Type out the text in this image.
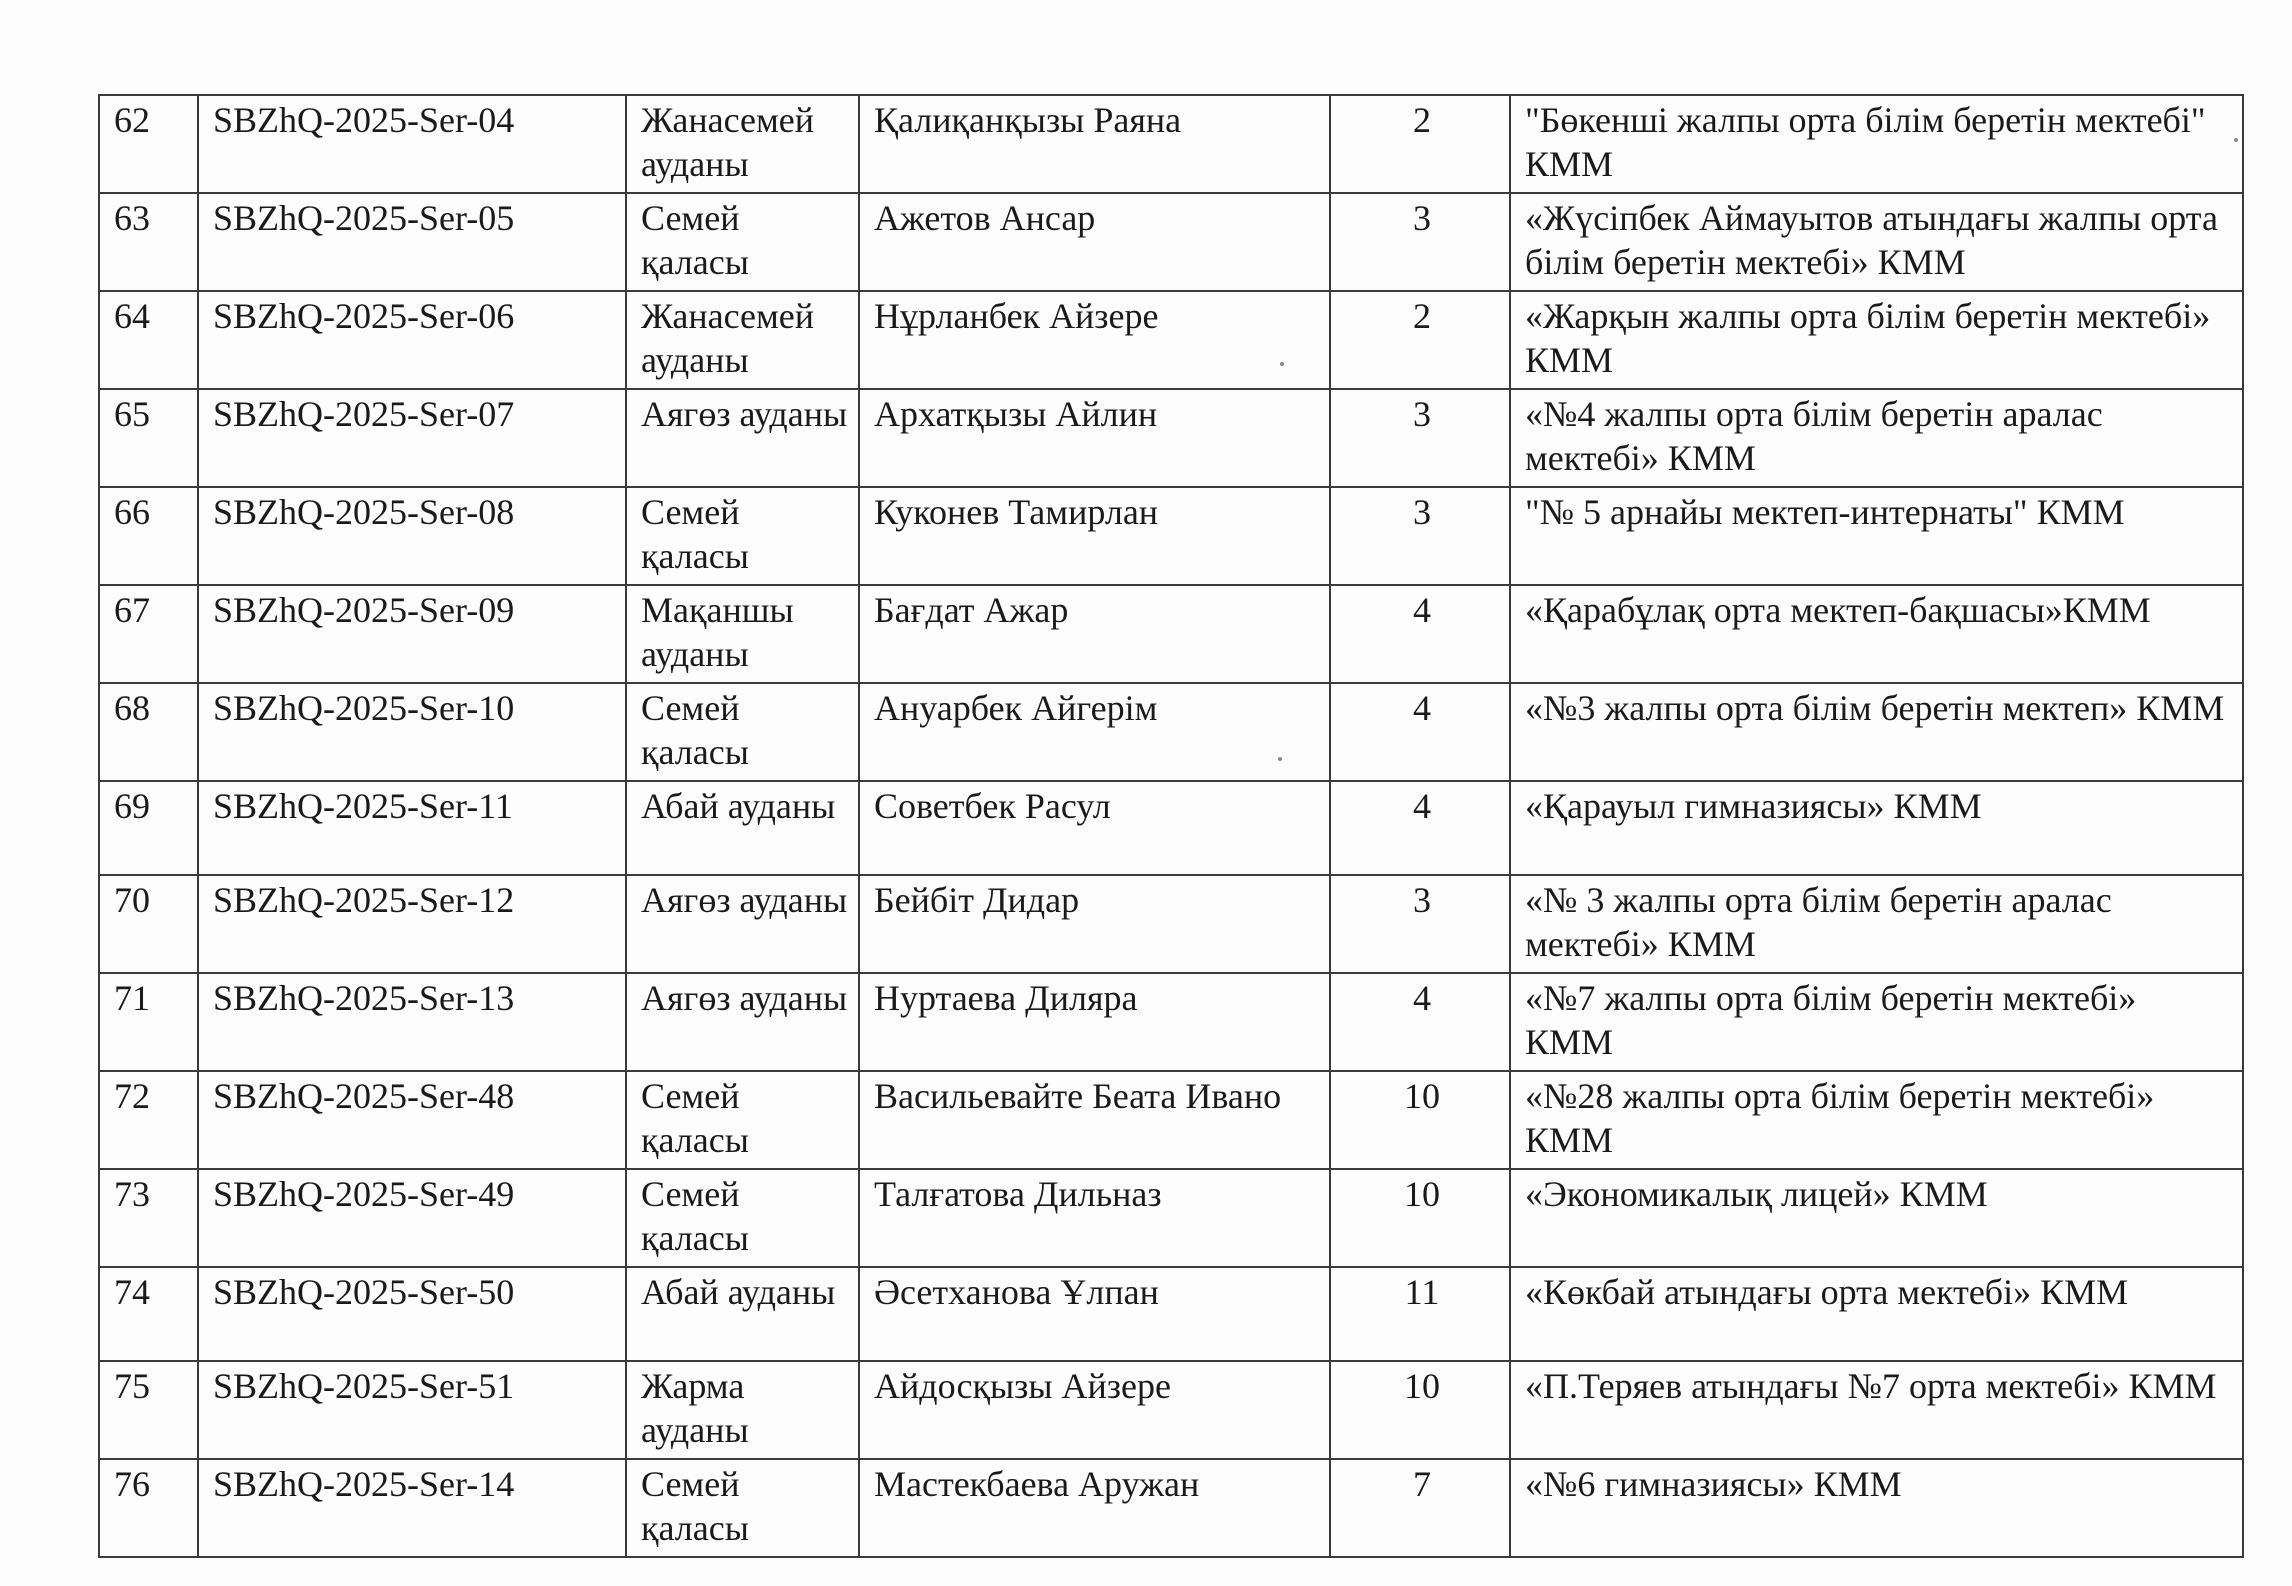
62	SBZhQ-2025-Ser-04	Жанасемей ауданы	Қалиқанқызы Раяна	2	"Бөкенші жалпы орта білім беретін мектебі" КММ
63	SBZhQ-2025-Ser-05	Семей қаласы	Ажетов Ансар	3	«Жүсіпбек Аймауытов атындағы жалпы орта білім беретін мектебі» КММ
64	SBZhQ-2025-Ser-06	Жанасемей ауданы	Нұрланбек Айзере	2	«Жарқын жалпы орта білім беретін мектебі» КММ
65	SBZhQ-2025-Ser-07	Аягөз ауданы	Архатқызы Айлин	3	«№4 жалпы орта білім беретін аралас мектебі» КММ
66	SBZhQ-2025-Ser-08	Семей қаласы	Куконев Тамирлан	3	"№ 5 арнайы мектеп-интернаты" КММ
67	SBZhQ-2025-Ser-09	Мақаншы ауданы	Бағдат Ажар	4	«Қарабұлақ орта мектеп-бақшасы»КММ
68	SBZhQ-2025-Ser-10	Семей қаласы	Ануарбек Айгерім	4	«№3 жалпы орта білім беретін мектеп» КММ
69	SBZhQ-2025-Ser-11	Абай ауданы	Советбек Расул	4	«Қарауыл гимназиясы» КММ
70	SBZhQ-2025-Ser-12	Аягөз ауданы	Бейбіт Дидар	3	«№ 3 жалпы орта білім беретін аралас мектебі» КММ
71	SBZhQ-2025-Ser-13	Аягөз ауданы	Нуртаева Диляра	4	«№7 жалпы орта білім беретін мектебі» КММ
72	SBZhQ-2025-Ser-48	Семей қаласы	Васильевайте Беата Ивано	10	«№28 жалпы орта білім беретін мектебі» КММ
73	SBZhQ-2025-Ser-49	Семей қаласы	Талғатова Дильназ	10	«Экономикалық лицей» КММ
74	SBZhQ-2025-Ser-50	Абай ауданы	Әсетханова Ұлпан	11	«Көкбай атындағы орта мектебі» КММ
75	SBZhQ-2025-Ser-51	Жарма ауданы	Айдосқызы Айзере	10	«П.Теряев атындағы №7 орта мектебі» КММ
76	SBZhQ-2025-Ser-14	Семей қаласы	Мастекбаева Аружан	7	«№6 гимназиясы» КММ
